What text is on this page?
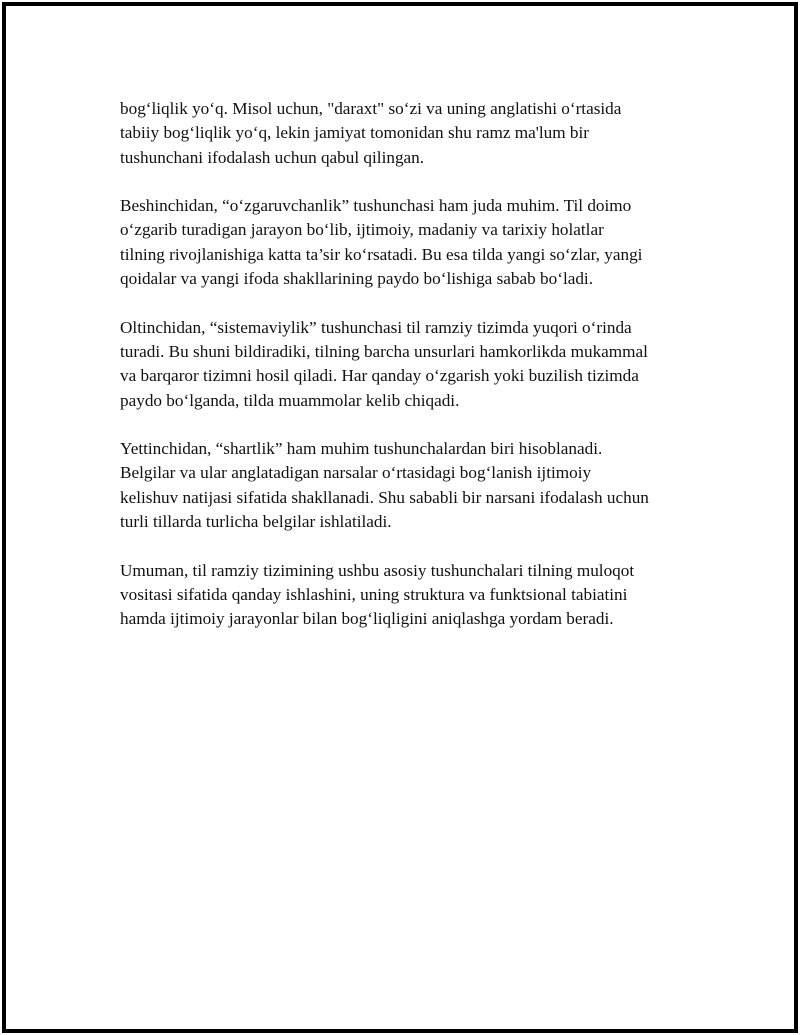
bog‘liqlik yo‘q. Misol uchun, "daraxt" so‘zi va uning anglatishi o‘rtasida
tabiiy bog‘liqlik yo‘q, lekin jamiyat tomonidan shu ramz ma'lum bir
tushunchani ifodalash uchun qabul qilingan.

Beshinchidan, “o‘zgaruvchanlik” tushunchasi ham juda muhim. Til doimo
o‘zgarib turadigan jarayon bo‘lib, ijtimoiy, madaniy va tarixiy holatlar
tilning rivojlanishiga katta ta’sir ko‘rsatadi. Bu esa tilda yangi so‘zlar, yangi
qoidalar va yangi ifoda shakllarining paydo bo‘lishiga sabab bo‘ladi.

Oltinchidan, “sistemaviylik” tushunchasi til ramziy tizimda yuqori o‘rinda
turadi. Bu shuni bildiradiki, tilning barcha unsurlari hamkorlikda mukammal
va barqaror tizimni hosil qiladi. Har qanday o‘zgarish yoki buzilish tizimda
paydo bo‘lganda, tilda muammolar kelib chiqadi.

Yettinchidan, “shartlik” ham muhim tushunchalardan biri hisoblanadi.
Belgilar va ular anglatadigan narsalar o‘rtasidagi bog‘lanish ijtimoiy
kelishuv natijasi sifatida shakllanadi. Shu sababli bir narsani ifodalash uchun
turli tillarda turlicha belgilar ishlatiladi.

Umuman, til ramziy tizimining ushbu asosiy tushunchalari tilning muloqot
vositasi sifatida qanday ishlashini, uning struktura va funktsional tabiatini
hamda ijtimoiy jarayonlar bilan bog‘liqligini aniqlashga yordam beradi.
